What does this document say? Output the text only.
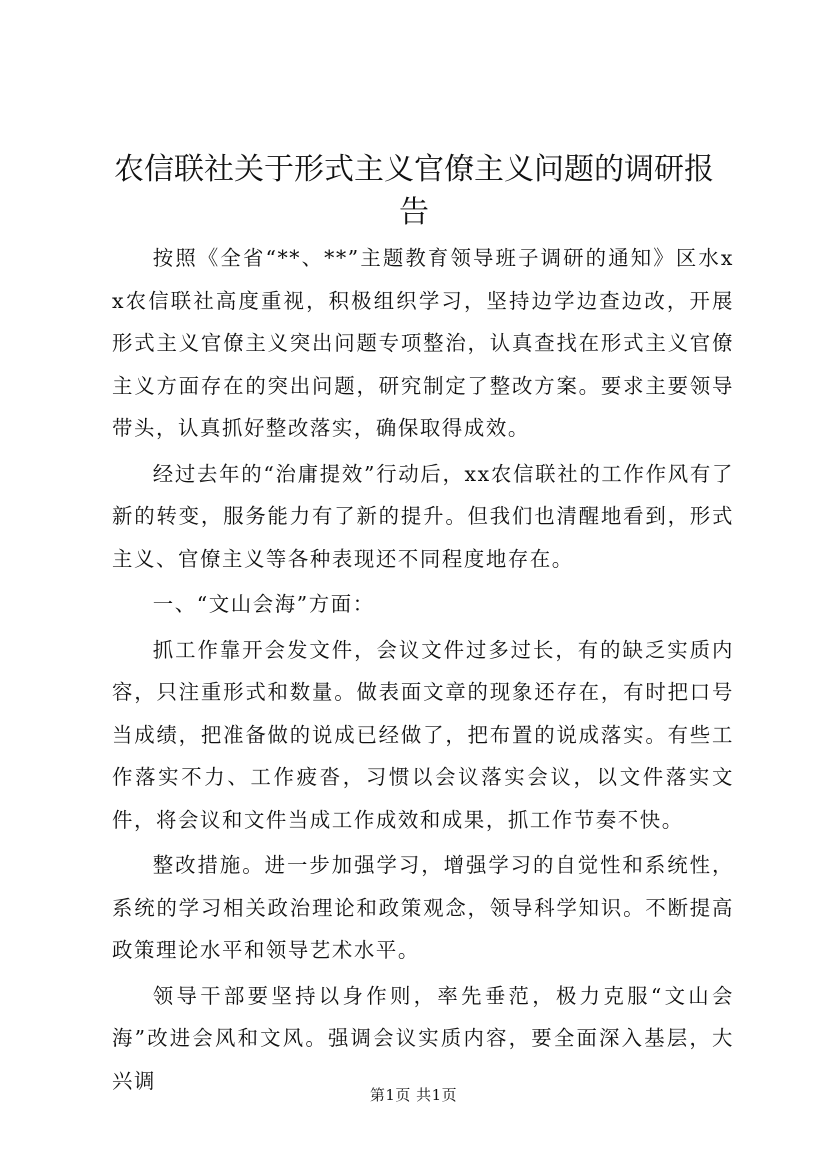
农信联社关于形式主义官僚主义问题的调研报告

按照《全省“**、**”主题教育领导班子调研的通知》区水xx农信联社高度重视，积极组织学习，坚持边学边查边改，开展形式主义官僚主义突出问题专项整治，认真查找在形式主义官僚主义方面存在的突出问题，研究制定了整改方案。要求主要领导带头，认真抓好整改落实，确保取得成效。

经过去年的“治庸提效”行动后，xx农信联社的工作作风有了新的转变，服务能力有了新的提升。但我们也清醒地看到，形式主义、官僚主义等各种表现还不同程度地存在。

一、“文山会海”方面：

抓工作靠开会发文件，会议文件过多过长，有的缺乏实质内容，只注重形式和数量。做表面文章的现象还存在，有时把口号当成绩，把准备做的说成已经做了，把布置的说成落实。有些工作落实不力、工作疲沓，习惯以会议落实会议，以文件落实文件，将会议和文件当成工作成效和成果，抓工作节奏不快。

整改措施。进一步加强学习，增强学习的自觉性和系统性，系统的学习相关政治理论和政策观念，领导科学知识。不断提高政策理论水平和领导艺术水平。

领导干部要坚持以身作则，率先垂范，极力克服“文山会海”改进会风和文风。强调会议实质内容，要全面深入基层，大兴调

第1页 共1页
